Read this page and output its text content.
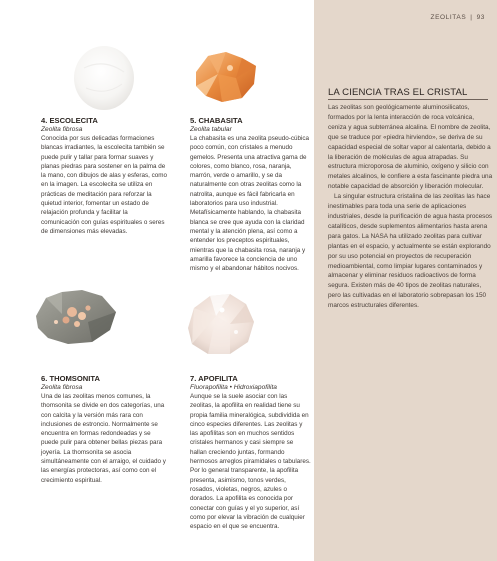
4. ESCOLECITA
Zeolita fibrosa

Conocida por sus delicadas formaciones blancas irradiantes, la escolecita también se puede pulir y tallar para formar suaves y planas piedras para sostener en la palma de la mano, con dibujos de alas y esferas, como en la imagen. La escolecita se utiliza en prácticas de meditación para reforzar la quietud interior, fomentar un estado de relajación profunda y facilitar la comunicación con guías espirituales o seres de dimensiones más elevadas.

5. CHABASITA
Zeolita tabular

La chabasita es una zeolita pseudo-cúbica poco común, con cristales a menudo gemelos. Presenta una atractiva gama de colores, como blanco, rosa, naranja, marrón, verde o amarillo, y se da naturalmente con otras zeolitas como la natrolita, aunque es fácil fabricarla en laboratorios para uso industrial. Metafísicamente hablando, la chabasita blanca se cree que ayuda con la claridad mental y la atención plena, así como a entender los preceptos espirituales, mientras que la chabasita rosa, naranja y amarilla favorece la conciencia de uno mismo y el abandonar hábitos nocivos.

6. THOMSONITA
Zeolita fibrosa

Una de las zeolitas menos comunes, la thomsonita se divide en dos categorías, una con calcita y la versión más rara con inclusiones de estroncio. Normalmente se encuentra en formas redondeadas y se puede pulir para obtener bellas piezas para joyería. La thomsonita se asocia simultáneamente con el arraigo, el cuidado y las energías protectoras, así como con el crecimiento espiritual.

7. APOFILITA
Fluorapofilita • Hidroxiapofilita

Aunque se la suele asociar con las zeolitas, la apofilita en realidad tiene su propia familia mineralógica, subdividida en cinco especies diferentes. Las zeolitas y las apofilitas son en muchos sentidos cristales hermanos y casi siempre se hallan creciendo juntas, formando hermosos arreglos piramidales o tabulares. Por lo general transparente, la apofilita presenta, asimismo, tonos verdes, rosados, violetas, negros, azules o dorados. La apofilita es conocida por conectar con guías y el yo superior, así como por elevar la vibración de cualquier espacio en el que se encuentra.

ZEOLITAS | 93
LA CIENCIA TRAS EL CRISTAL

Las zeolitas son geológicamente aluminosilicatos, formados por la lenta interacción de roca volcánica, ceniza y agua subterránea alcalina. El nombre de zeolita, que se traduce por «piedra hirviendo», se deriva de su capacidad especial de soltar vapor al calentarla, debido a la liberación de moléculas de agua atrapadas. Su estructura microporosa de aluminio, oxígeno y silicio con metales alcalinos, le confiere a esta fascinante piedra una notable capacidad de absorción y liberación molecular.

La singular estructura cristalina de las zeolitas las hace inestimables para toda una serie de aplicaciones industriales, desde la purificación de agua hasta procesos catalíticos, desde suplementos alimentarios hasta arena para gatos. La NASA ha utilizado zeolitas para cultivar plantas en el espacio, y actualmente se están explorando por su uso potencial en proyectos de recuperación medioambiental, como limpiar lugares contaminados y almacenar y eliminar residuos radioactivos de forma segura. Existen más de 40 tipos de zeolitas naturales, pero las cultivadas en el laboratorio sobrepasan los 150 marcos estructurales diferentes.
